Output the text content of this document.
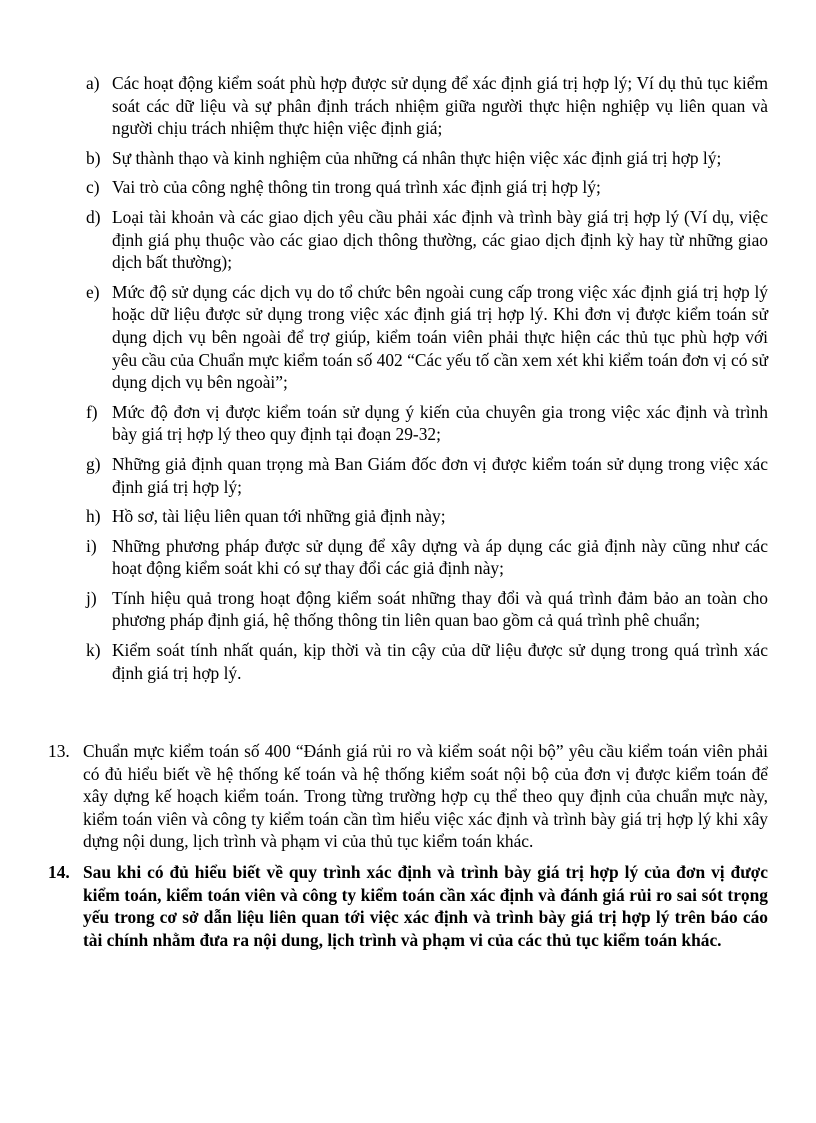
a) Các hoạt động kiểm soát phù hợp được sử dụng để xác định giá trị hợp lý; Ví dụ thủ tục kiểm soát các dữ liệu và sự phân định trách nhiệm giữa người thực hiện nghiệp vụ liên quan và người chịu trách nhiệm thực hiện việc định giá;
b) Sự thành thạo và kinh nghiệm của những cá nhân thực hiện việc xác định giá trị hợp lý;
c) Vai trò của công nghệ thông tin trong quá trình xác định giá trị hợp lý;
d) Loại tài khoản và các giao dịch yêu cầu phải xác định và trình bày giá trị hợp lý (Ví dụ, việc định giá phụ thuộc vào các giao dịch thông thường, các giao dịch định kỳ hay từ những giao dịch bất thường);
e) Mức độ sử dụng các dịch vụ do tổ chức bên ngoài cung cấp trong việc xác định giá trị hợp lý hoặc dữ liệu được sử dụng trong việc xác định giá trị hợp lý. Khi đơn vị được kiểm toán sử dụng dịch vụ bên ngoài để trợ giúp, kiểm toán viên phải thực hiện các thủ tục phù hợp với yêu cầu của Chuẩn mực kiểm toán số 402 “Các yếu tố cần xem xét khi kiểm toán đơn vị có sử dụng dịch vụ bên ngoài”;
f) Mức độ đơn vị được kiểm toán sử dụng ý kiến của chuyên gia trong việc xác định và trình bày giá trị hợp lý theo quy định tại đoạn 29-32;
g) Những giả định quan trọng mà Ban Giám đốc đơn vị được kiểm toán sử dụng trong việc xác định giá trị hợp lý;
h) Hồ sơ, tài liệu liên quan tới những giả định này;
i) Những phương pháp được sử dụng để xây dựng và áp dụng các giả định này cũng như các hoạt động kiểm soát khi có sự thay đổi các giả định này;
j) Tính hiệu quả trong hoạt động kiểm soát những thay đổi và quá trình đảm bảo an toàn cho phương pháp định giá, hệ thống thông tin liên quan bao gồm cả quá trình phê chuẩn;
k) Kiểm soát tính nhất quán, kịp thời và tin cậy của dữ liệu được sử dụng trong quá trình xác định giá trị hợp lý.
13. Chuẩn mực kiểm toán số 400 “Đánh giá rủi ro và kiểm soát nội bộ” yêu cầu kiểm toán viên phải có đủ hiểu biết về hệ thống kế toán và hệ thống kiểm soát nội bộ của đơn vị được kiểm toán để xây dựng kế hoạch kiểm toán. Trong từng trường hợp cụ thể theo quy định của chuẩn mực này, kiểm toán viên và công ty kiểm toán cần tìm hiểu việc xác định và trình bày giá trị hợp lý khi xây dựng nội dung, lịch trình và phạm vi của thủ tục kiểm toán khác.
14. Sau khi có đủ hiểu biết về quy trình xác định và trình bày giá trị hợp lý của đơn vị được kiểm toán, kiểm toán viên và công ty kiểm toán cần xác định và đánh giá rủi ro sai sót trọng yếu trong cơ sở dẫn liệu liên quan tới việc xác định và trình bày giá trị hợp lý trên báo cáo tài chính nhằm đưa ra nội dung, lịch trình và phạm vi của các thủ tục kiểm toán khác.
